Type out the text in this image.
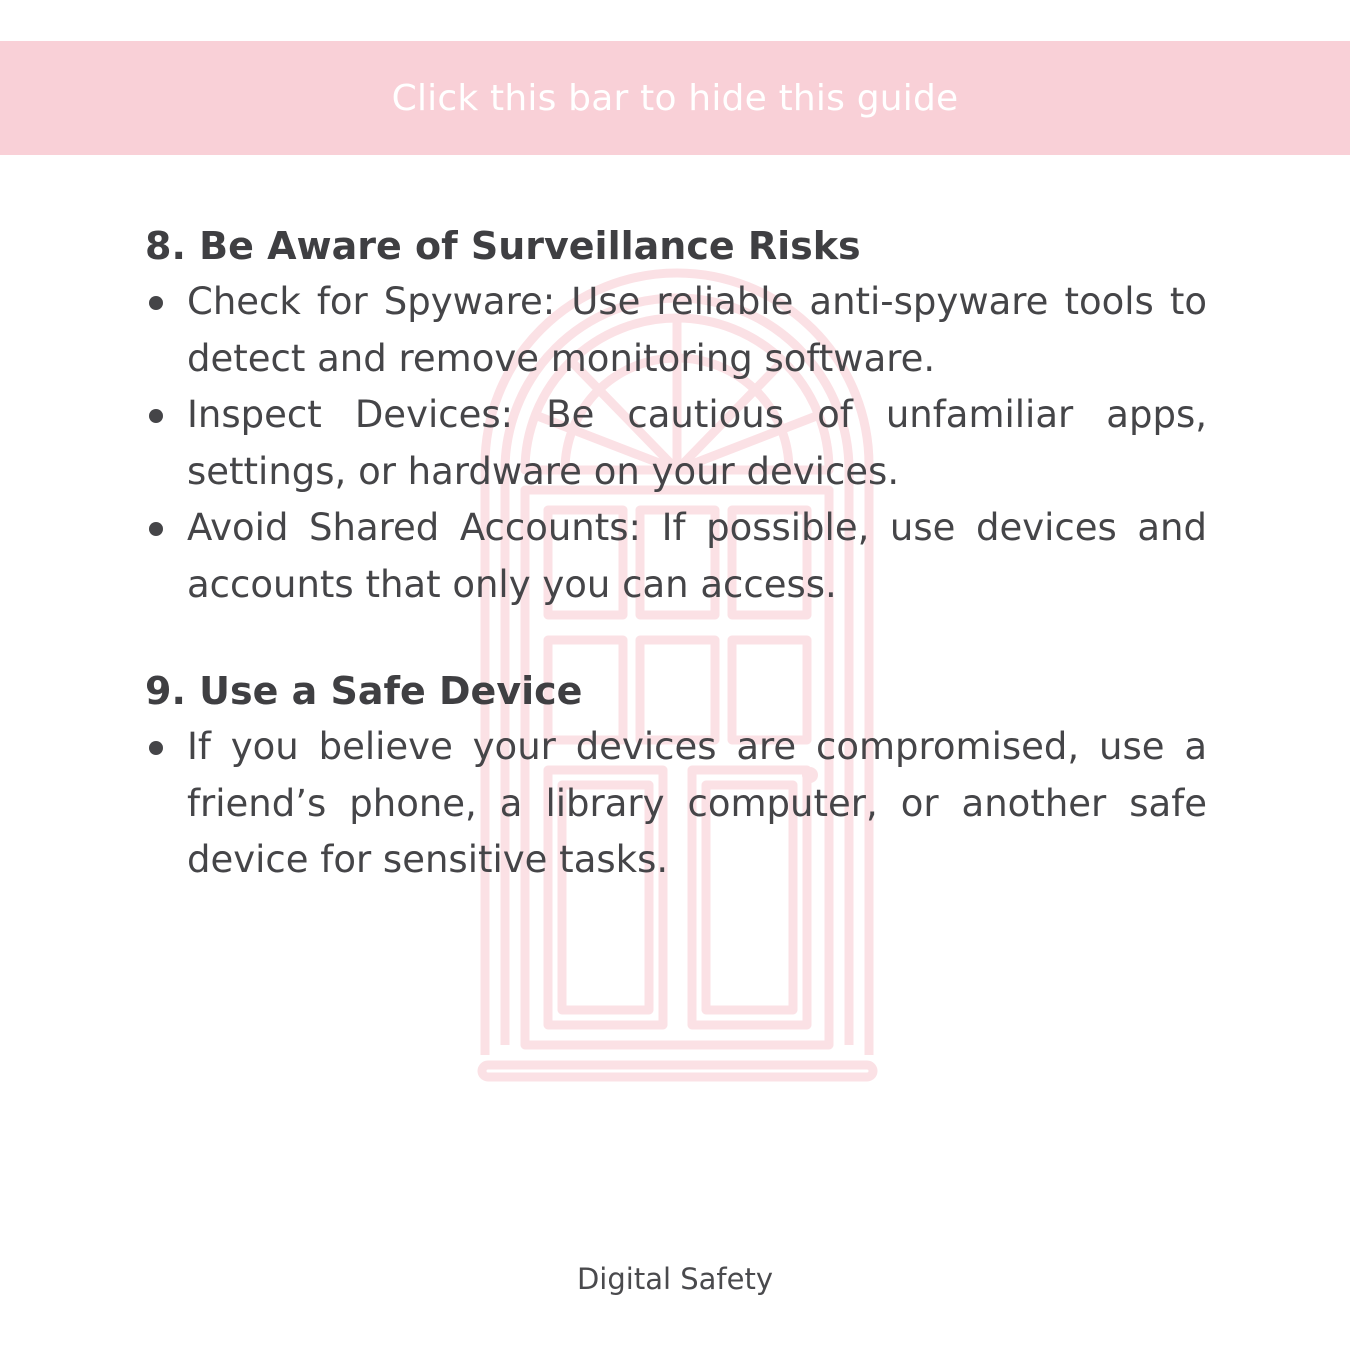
Click this bar to hide this guide
8. Be Aware of Surveillance Risks
Check for Spyware: Use reliable anti-spyware tools to detect and remove monitoring software.
Inspect Devices: Be cautious of unfamiliar apps, settings, or hardware on your devices.
Avoid Shared Accounts: If possible, use devices and accounts that only you can access.
9. Use a Safe Device
If you believe your devices are compromised, use a friend’s phone, a library computer, or another safe device for sensitive tasks.
Digital Safety
